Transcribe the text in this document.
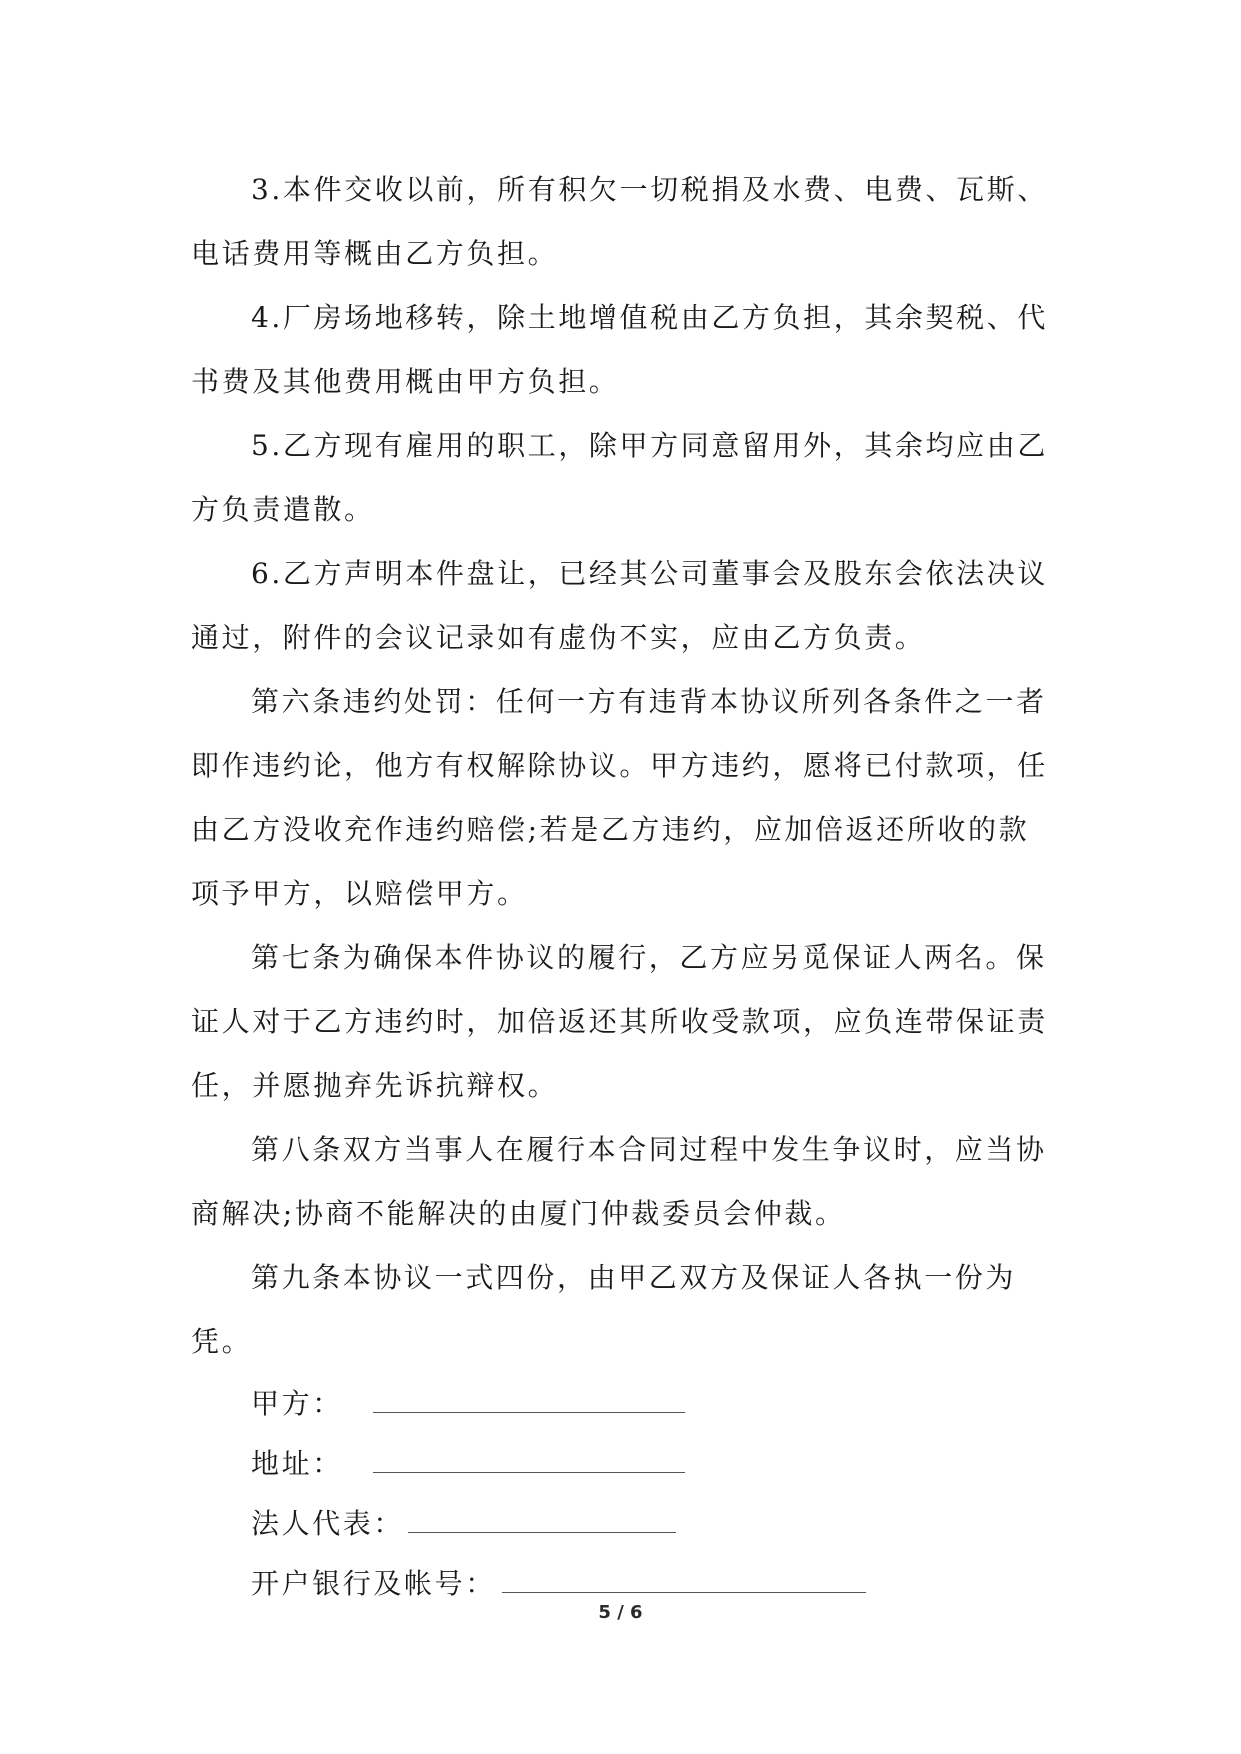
3.本件交收以前，所有积欠一切税捐及水费、电费、瓦斯、电话费用等概由乙方负担。

4.厂房场地移转，除土地增值税由乙方负担，其余契税、代书费及其他费用概由甲方负担。

5.乙方现有雇用的职工，除甲方同意留用外，其余均应由乙方负责遣散。

6.乙方声明本件盘让，已经其公司董事会及股东会依法决议通过，附件的会议记录如有虚伪不实，应由乙方负责。

第六条违约处罚：任何一方有违背本协议所列各条件之一者即作违约论，他方有权解除协议。甲方违约，愿将已付款项，任由乙方没收充作违约赔偿;若是乙方违约，应加倍返还所收的款项予甲方，以赔偿甲方。

第七条为确保本件协议的履行，乙方应另觅保证人两名。保证人对于乙方违约时，加倍返还其所收受款项，应负连带保证责任，并愿抛弃先诉抗辩权。

第八条双方当事人在履行本合同过程中发生争议时，应当协商解决;协商不能解决的由厦门仲裁委员会仲裁。

第九条本协议一式四份，由甲乙双方及保证人各执一份为凭。

甲方：
地址：
法人代表：
开户银行及帐号：
5 / 6
